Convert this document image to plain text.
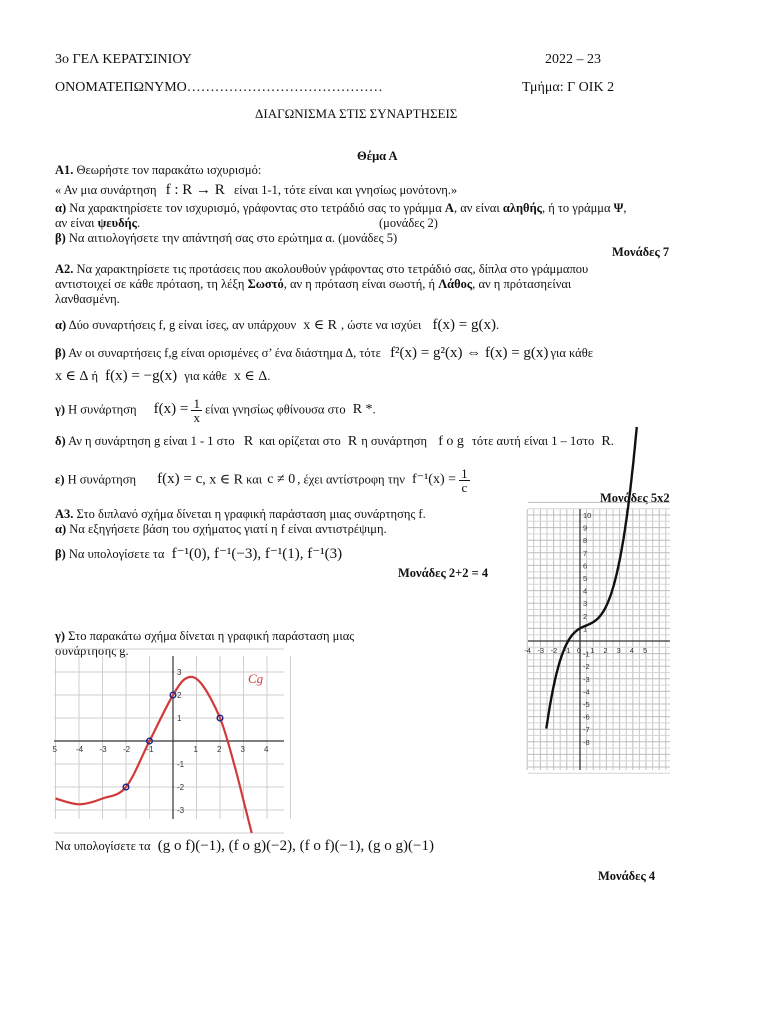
3ο ΓΕΛ ΚΕΡΑΤΣΙΝΙΟΥ	2022 – 23
ΟΝΟΜΑΤΕΠΩΝΥΜΟ……………………………………	Τμήμα: Γ ΟΙΚ 2
ΔΙΑΓΩΝΙΣΜΑ ΣΤΙΣ ΣΥΝΑΡΤΗΣΕΙΣ
Θέμα Α
Α1. Θεωρήστε τον παρακάτω ισχυρισμό:
« Αν μια συνάρτηση f : R → R είναι 1-1, τότε είναι και γνησίως μονότονη.»
α) Να χαρακτηρίσετε τον ισχυρισμό, γράφοντας στο τετράδιό σας το γράμμα Α, αν είναι αληθής, ή το γράμμα Ψ,
αν είναι ψευδής.	(μονάδες 2)
β) Να αιτιολογήσετε την απάντησή σας στο ερώτημα α. (μονάδες 5)
Μονάδες 7
Α2. Να χαρακτηρίσετε τις προτάσεις που ακολουθούν γράφοντας στο τετράδιό σας, δίπλα στο γράμμαπου
αντιστοιχεί σε κάθε πρόταση, τη λέξη Σωστό, αν η πρόταση είναι σωστή, ή Λάθος, αν η πρότασηείναι
λανθασμένη.
α) Δύο συναρτήσεις f, g είναι ίσες, αν υπάρχουν x ∈ R , ώστε να ισχύει f(x) = g(x).
β) Αν οι συναρτήσεις f,g είναι ορισμένες σ’ ένα διάστημα Δ, τότε f²(x) = g²(x) ⇔ f(x) = g(x) για κάθε
x ∈ Δ ή f(x) = −g(x) για κάθε x ∈ Δ.
γ) Η συνάρτηση $f(x) = \frac{1}{x}$ είναι γνησίως φθίνουσα στο R *.
δ) Αν η συνάρτηση g είναι 1 - 1 στο R και ορίζεται στο R η συνάρτηση f o g τότε αυτή είναι 1 – 1στο R.
ε) Η συνάρτηση f(x) = c, x ∈ R και c ≠ 0 , έχει αντίστροφη την $f^{-1}(x) = \frac{1}{c}$
Μονάδες 5x2
Α3. Στο διπλανό σχήμα δίνεται η γραφική παράσταση μιας συνάρτησης f.
α) Να εξηγήσετε βάση του σχήματος γιατί η f είναι αντιστρέψιμη.
β) Να υπολογίσετε τα f⁻¹(0), f⁻¹(−3), f⁻¹(1), f⁻¹(3)
Μονάδες 2+2 = 4
γ) Στο παρακάτω σχήμα δίνεται η γραφική παράσταση μιας
συνάρτησης g.	-4 -3 -2 -1 0 1 2 3 4 5
10
9
8
7
6
5
4
3
2
1
-1
-2
-3
-4
-5
-6
-7
-8
5 -4 -3 -2 -1	1 2 3 4
3
2
1
-1
-2
-3
Cg
Να υπολογίσετε τα (g o f)(−1), (f o g)(−2), (f o f)(−1), (g o g)(−1)
Μονάδες 4
